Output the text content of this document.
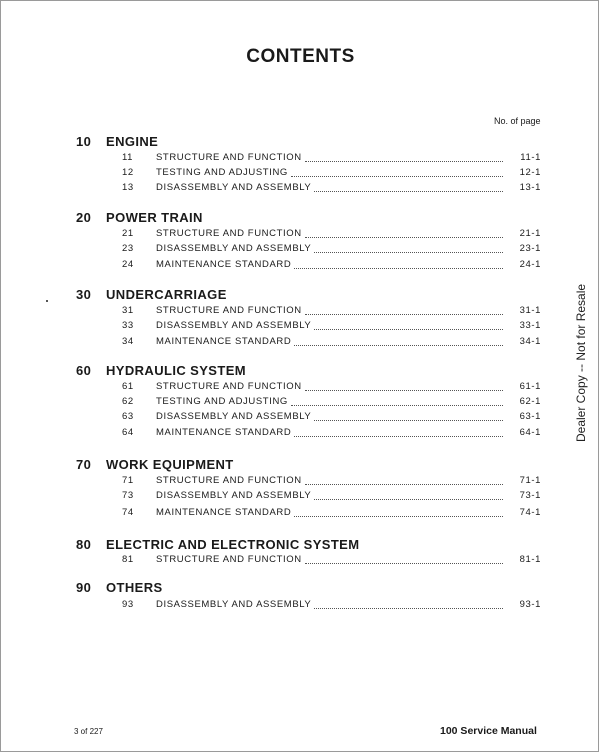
CONTENTS
No. of page
10 ENGINE
11	STRUCTURE AND FUNCTION	11-1
12	TESTING AND ADJUSTING	12-1
13	DISASSEMBLY AND ASSEMBLY	13-1
20 POWER TRAIN
21	STRUCTURE AND FUNCTION	21-1
23	DISASSEMBLY AND ASSEMBLY	23-1
24	MAINTENANCE STANDARD	24-1
30 UNDERCARRIAGE
31	STRUCTURE AND FUNCTION	31-1
33	DISASSEMBLY AND ASSEMBLY	33-1
34	MAINTENANCE STANDARD	34-1
60 HYDRAULIC SYSTEM
61	STRUCTURE AND FUNCTION	61-1
62	TESTING AND ADJUSTING	62-1
63	DISASSEMBLY AND ASSEMBLY	63-1
64	MAINTENANCE STANDARD	64-1
70 WORK EQUIPMENT
71	STRUCTURE AND FUNCTION	71-1
73	DISASSEMBLY AND ASSEMBLY	73-1
74	MAINTENANCE STANDARD	74-1
80 ELECTRIC AND ELECTRONIC SYSTEM
81	STRUCTURE AND FUNCTION	81-1
90 OTHERS
93	DISASSEMBLY AND ASSEMBLY	93-1
Dealer Copy -- Not for Resale
3 of 227	100 Service Manual
